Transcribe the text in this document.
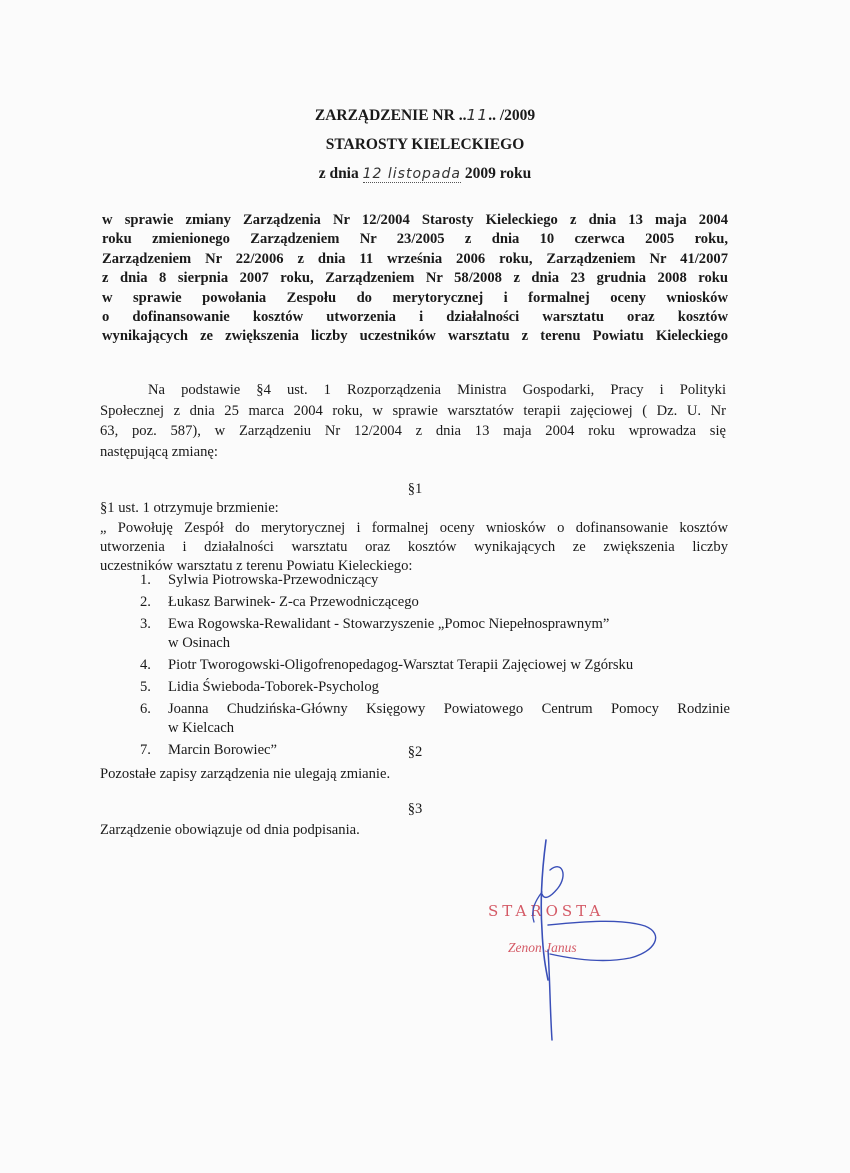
ZARZĄDZENIE NR ..11.. /2009
STAROSTY KIELECKIEGO
z dnia 12 listopada 2009 roku
w sprawie zmiany Zarządzenia Nr 12/2004 Starosty Kieleckiego z dnia 13 maja 2004
roku zmienionego Zarządzeniem Nr 23/2005 z dnia 10 czerwca 2005 roku,
Zarządzeniem Nr 22/2006 z dnia 11 września 2006 roku, Zarządzeniem Nr 41/2007
z dnia 8 sierpnia 2007 roku, Zarządzeniem Nr 58/2008 z dnia 23 grudnia 2008 roku
w sprawie powołania Zespołu do merytorycznej i formalnej oceny wniosków
o dofinansowanie kosztów utworzenia i działalności warsztatu oraz kosztów
wynikających ze zwiększenia liczby uczestników warsztatu z terenu Powiatu Kieleckiego
Na podstawie §4 ust. 1 Rozporządzenia Ministra Gospodarki, Pracy i Polityki
Społecznej z dnia 25 marca 2004 roku, w sprawie warsztatów terapii zajęciowej ( Dz. U. Nr
63, poz. 587), w Zarządzeniu Nr 12/2004 z dnia 13 maja 2004 roku wprowadza się
następującą zmianę:
§1
§1 ust. 1 otrzymuje brzmienie:
„ Powołuję Zespół do merytorycznej i formalnej oceny wniosków o dofinansowanie kosztów
utworzenia i działalności warsztatu oraz kosztów wynikających ze zwiększenia liczby
uczestników warsztatu z terenu Powiatu Kieleckiego:
1. Sylwia Piotrowska-Przewodniczący
2. Łukasz Barwinek- Z-ca Przewodniczącego
3. Ewa Rogowska-Rewalidant - Stowarzyszenie „Pomoc Niepełnosprawnym”
w Osinach
4. Piotr Tworogowski-Oligofrenopedagog-Warsztat Terapii Zajęciowej w Zgórsku
5. Lidia Świeboda-Toborek-Psycholog
6. Joanna Chudzińska-Główny Księgowy Powiatowego Centrum Pomocy Rodzinie
w Kielcach
7. Marcin Borowiec”	§2
Pozostałe zapisy zarządzenia nie ulegają zmianie.
§3
Zarządzenie obowiązuje od dnia podpisania.
STAROSTA
Zenon Janus
